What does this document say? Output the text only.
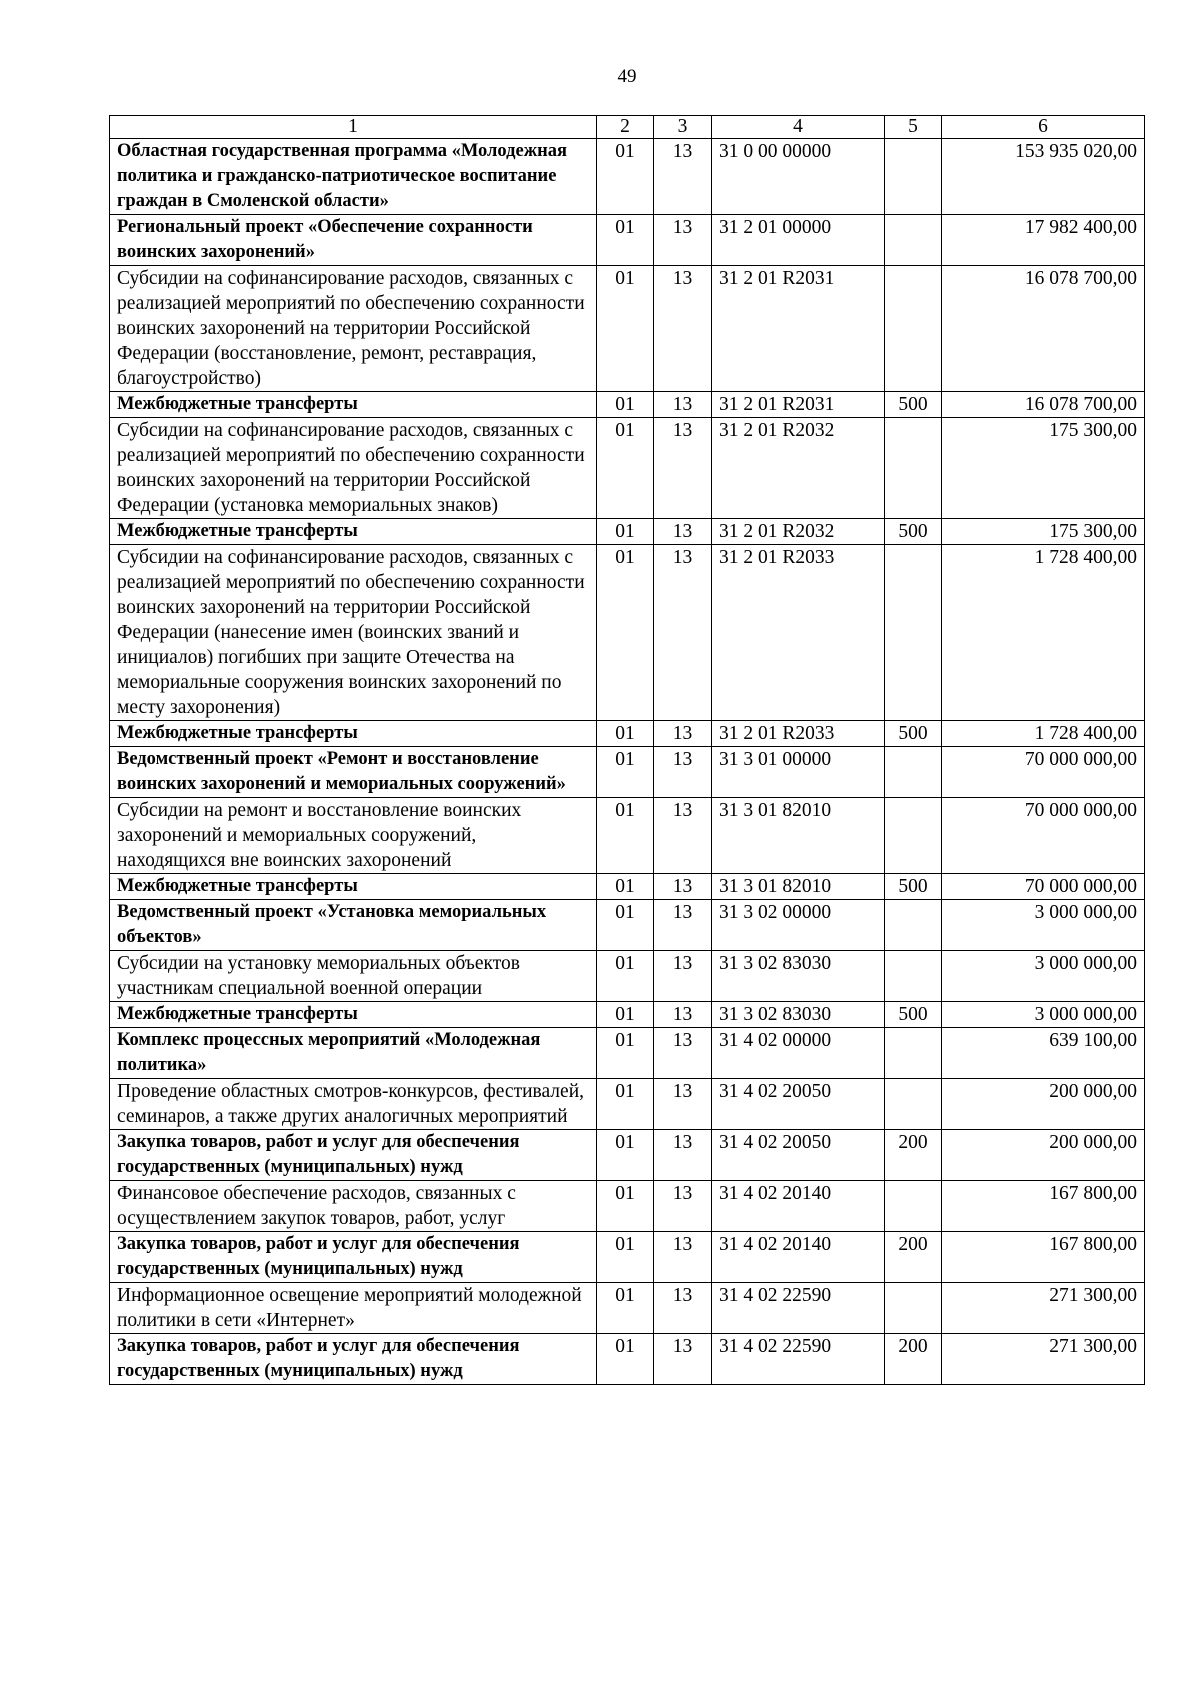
49
1	2	3	4	5	6
Областная государственная программа «Молодежная политика и гражданско-патриотическое воспитание граждан в Смоленской области»	01	13	31 0 00 00000		153 935 020,00
Региональный проект «Обеспечение сохранности воинских захоронений»	01	13	31 2 01 00000		17 982 400,00
Субсидии на софинансирование расходов, связанных с реализацией мероприятий по обеспечению сохранности воинских захоронений на территории Российской Федерации (восстановление, ремонт, реставрация, благоустройство)	01	13	31 2 01 R2031		16 078 700,00
Межбюджетные трансферты	01	13	31 2 01 R2031	500	16 078 700,00
Субсидии на софинансирование расходов, связанных с реализацией мероприятий по обеспечению сохранности воинских захоронений на территории Российской Федерации (установка мемориальных знаков)	01	13	31 2 01 R2032		175 300,00
Межбюджетные трансферты	01	13	31 2 01 R2032	500	175 300,00
Субсидии на софинансирование расходов, связанных с реализацией мероприятий по обеспечению сохранности воинских захоронений на территории Российской Федерации (нанесение имен (воинских званий и инициалов) погибших при защите Отечества на мемориальные сооружения воинских захоронений по месту захоронения)	01	13	31 2 01 R2033		1 728 400,00
Межбюджетные трансферты	01	13	31 2 01 R2033	500	1 728 400,00
Ведомственный проект «Ремонт и восстановление воинских захоронений и мемориальных сооружений»	01	13	31 3 01 00000		70 000 000,00
Субсидии на ремонт и восстановление воинских захоронений и мемориальных сооружений, находящихся вне воинских захоронений	01	13	31 3 01 82010		70 000 000,00
Межбюджетные трансферты	01	13	31 3 01 82010	500	70 000 000,00
Ведомственный проект «Установка мемориальных объектов»	01	13	31 3 02 00000		3 000 000,00
Субсидии на установку мемориальных объектов участникам специальной военной операции	01	13	31 3 02 83030		3 000 000,00
Межбюджетные трансферты	01	13	31 3 02 83030	500	3 000 000,00
Комплекс процессных мероприятий «Молодежная политика»	01	13	31 4 02 00000		639 100,00
Проведение областных смотров-конкурсов, фестивалей, семинаров, а также других аналогичных мероприятий	01	13	31 4 02 20050		200 000,00
Закупка товаров, работ и услуг для обеспечения государственных (муниципальных) нужд	01	13	31 4 02 20050	200	200 000,00
Финансовое обеспечение расходов, связанных с осуществлением закупок товаров, работ, услуг	01	13	31 4 02 20140		167 800,00
Закупка товаров, работ и услуг для обеспечения государственных (муниципальных) нужд	01	13	31 4 02 20140	200	167 800,00
Информационное освещение мероприятий молодежной политики в сети «Интернет»	01	13	31 4 02 22590		271 300,00
Закупка товаров, работ и услуг для обеспечения государственных (муниципальных) нужд	01	13	31 4 02 22590	200	271 300,00
